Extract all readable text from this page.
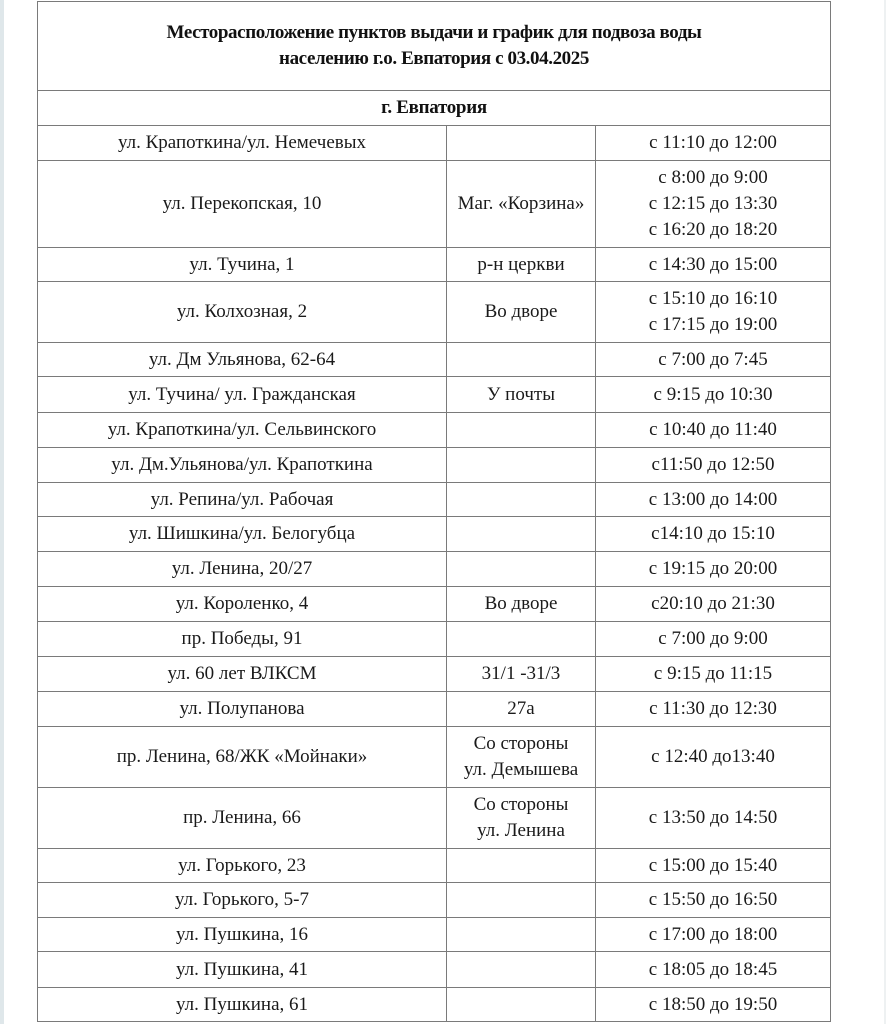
Месторасположение пунктов выдачи и график для подвоза воды
населению г.о. Евпатория с 03.04.2025		

г. Евпатория		
ул. Крапоткина/ул. Немечевых		с 11:10 до 12:00

ул. Перекопская, 10	Маг. «Корзина»	с 8:00 до 9:00
с 12:15 до 13:30
с 16:20 до 18:20

ул. Тучина, 1	р-н церкви	с 14:30 до 15:00

ул. Колхозная, 2	Во дворе	с 15:10 до 16:10
с 17:15 до 19:00

ул. Дм Ульянова, 62-64		с 7:00 до 7:45

ул. Тучина/ ул. Гражданская	У почты	с 9:15 до 10:30

ул. Крапоткина/ул. Сельвинского		с 10:40 до 11:40

ул. Дм.Ульянова/ул. Крапоткина		с11:50 до 12:50

ул. Репина/ул. Рабочая		с 13:00 до 14:00

ул. Шишкина/ул. Белогубца		с14:10 до 15:10

ул. Ленина, 20/27		с 19:15 до 20:00

ул. Короленко, 4	Во дворе	с20:10 до 21:30

пр. Победы, 91		с 7:00 до 9:00

ул. 60 лет ВЛКСМ	31/1 -31/3	с 9:15 до 11:15

ул. Полупанова	27а	с 11:30 до 12:30

пр. Ленина, 68/ЖК «Мойнаки»	Со стороны
ул. Демышева	с 12:40 до13:40

пр. Ленина, 66	Со стороны
ул. Ленина	с 13:50 до 14:50

ул. Горького, 23		с 15:00 до 15:40

ул. Горького, 5-7		с 15:50 до 16:50

ул. Пушкина, 16		с 17:00 до 18:00

ул. Пушкина, 41		с 18:05 до 18:45

ул. Пушкина, 61		с 18:50 до 19:50
